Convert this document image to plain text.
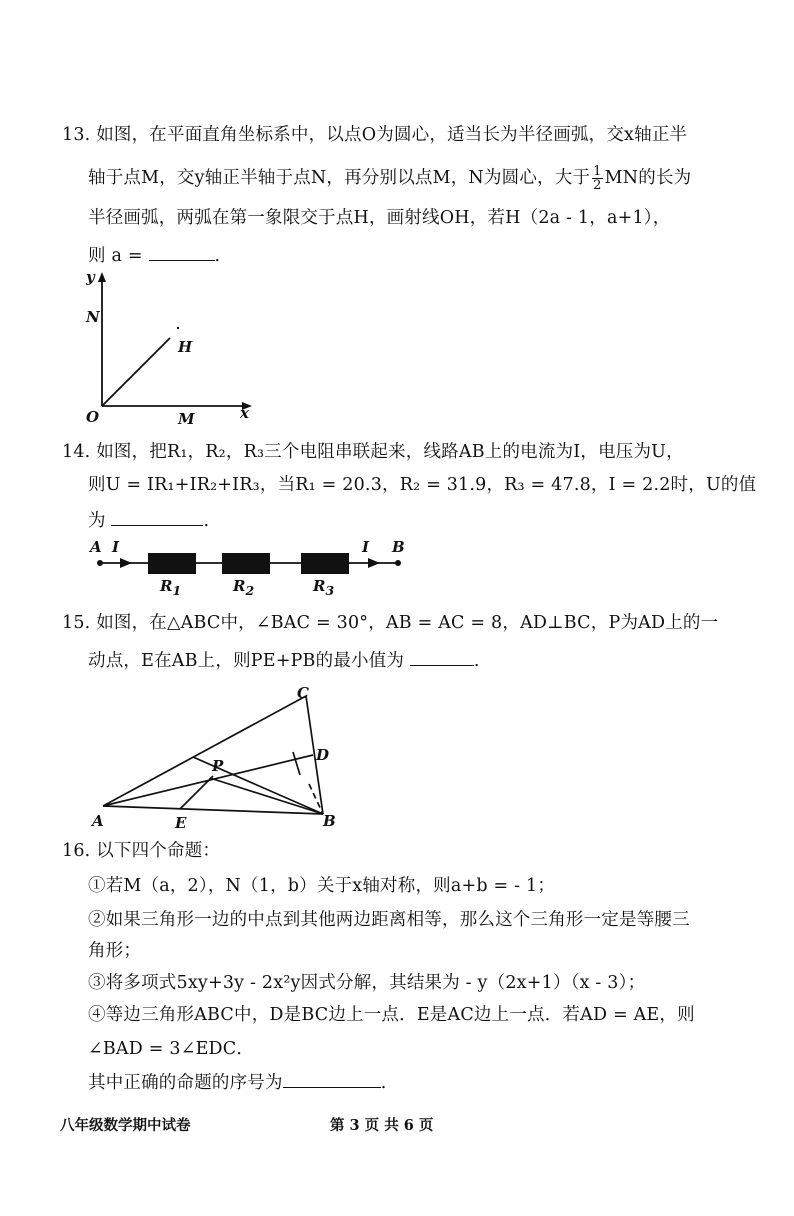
13. 如图，在平面直角坐标系中，以点O为圆心，适当长为半径画弧，交x轴正半
轴于点M，交y轴正半轴于点N，再分别以点M，N为圆心，大于 $\frac{1}{2}$ MN的长为
半径画弧，两弧在第一象限交于点H，画射线OH，若H（2a - 1，a+1），
则 a =	.
y
N
H
O	M	x
14. 如图，把R₁，R₂，R₃三个电阻串联起来，线路AB上的电流为I，电压为U，
则U = IR₁+IR₂+IR₃，当R₁ = 20.3，R₂ = 31.9，R₃ = 47.8，I = 2.2时，U的值
为	.
A I	I B
$R_1$	$R_2$	$R_3$
15. 如图，在△ABC中，∠BAC = 30°，AB = AC = 8，AD⊥BC，P为AD上的一
动点，E在AB上，则PE+PB的最小值为	.
C
D
P
A	E	B
16. 以下四个命题：
①若M（a，2），N（1，b）关于x轴对称，则a+b = - 1；
②如果三角形一边的中点到其他两边距离相等，那么这个三角形一定是等腰三
角形；
③将多项式5xy+3y - 2x²y因式分解，其结果为 - y（2x+1）（x - 3）；
④等边三角形ABC中，D是BC边上一点．E是AC边上一点．若AD = AE，则
∠BAD = 3∠EDC．
其中正确的命题的序号为	.
八年级数学期中试卷	第 3 页 共 6 页
